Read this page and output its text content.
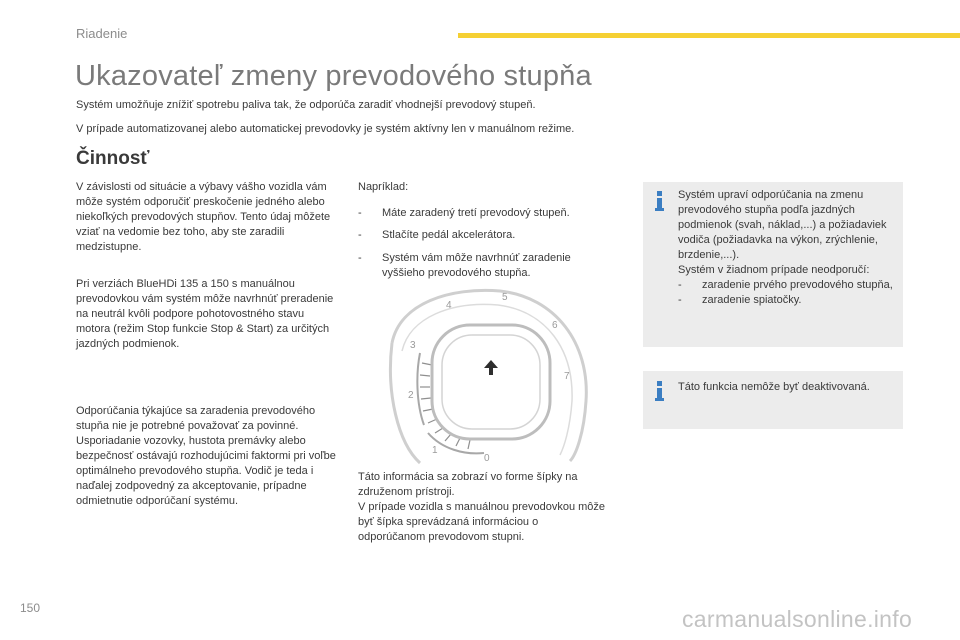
Riadenie
Ukazovateľ zmeny prevodového stupňa

Systém umožňuje znížiť spotrebu paliva tak, že odporúča zaradiť vhodnejší prevodový stupeň.

V prípade automatizovanej alebo automatickej prevodovky je systém aktívny len v manuálnom režime.

Činnosť

V závislosti od situácie a výbavy vášho vozidla vám môže systém odporučiť preskočenie jedného alebo niekoľkých prevodových stupňov. Tento údaj môžete vziať na vedomie bez toho, aby ste zaradili medzistupne.

Pri verziách BlueHDi 135 a 150 s manuálnou prevodovkou vám systém môže navrhnúť preradenie na neutrál kvôli podpore pohotovostného stavu motora (režim Stop funkcie Stop & Start) za určitých jazdných podmienok.

Odporúčania týkajúce sa zaradenia prevodového stupňa nie je potrebné považovať za povinné.
Usporiadanie vozovky, hustota premávky alebo bezpečnosť ostávajú rozhodujúcimi faktormi pri voľbe optimálneho prevodového stupňa. Vodič je teda i naďalej zodpovedný za akceptovanie, prípadne odmietnutie odporúčaní systému.

Napríklad:

- Máte zaradený tretí prevodový stupeň.
- Stlačíte pedál akcelerátora.
- Systém vám môže navrhnúť zaradenie vyššieho prevodového stupňa.
0
1
2
3
4
5
6
7
Táto informácia sa zobrazí vo forme šípky na združenom prístroji.
V prípade vozidla s manuálnou prevodovkou môže byť šípka sprevádzaná informáciou o odporúčanom prevodovom stupni.
Systém upraví odporúčania na zmenu prevodového stupňa podľa jazdných podmienok (svah, náklad,...) a požiadaviek vodiča (požiadavka na výkon, zrýchlenie, brzdenie,...).
Systém v žiadnom prípade neodporučí:
- zaradenie prvého prevodového stupňa,
- zaradenie spiatočky.
Táto funkcia nemôže byť deaktivovaná.
150	carmanualsonline.info
